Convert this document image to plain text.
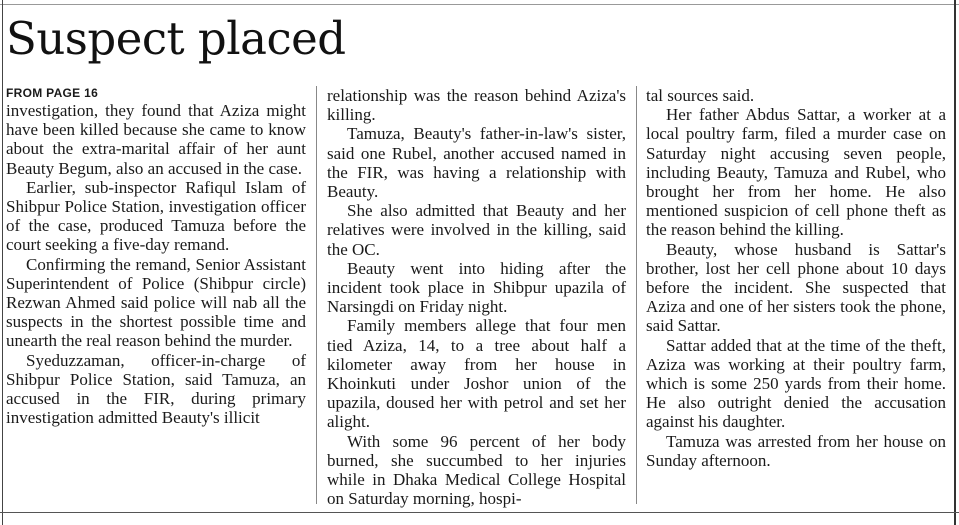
Suspect placed
FROM PAGE 16

investigation, they found that Aziza might have been killed because she came to know about the extra-marital affair of her aunt Beauty Begum, also an accused in the case.

Earlier, sub-inspector Rafiqul Islam of Shibpur Police Station, investigation officer of the case, produced Tamuza before the court seeking a five-day remand.

Confirming the remand, Senior Assistant Superintendent of Police (Shibpur circle) Rezwan Ahmed said police will nab all the suspects in the shortest possible time and unearth the real reason behind the murder.

Syeduzzaman, officer-in-charge of Shibpur Police Station, said Tamuza, an accused in the FIR, during primary investigation admitted Beauty's illicit

relationship was the reason behind Aziza's killing.

Tamuza, Beauty's father-in-law's sister, said one Rubel, another accused named in the FIR, was having a relationship with Beauty.

She also admitted that Beauty and her relatives were involved in the killing, said the OC.

Beauty went into hiding after the incident took place in Shibpur upazila of Narsingdi on Friday night.

Family members allege that four men tied Aziza, 14, to a tree about half a kilometer away from her house in Khoinkuti under Joshor union of the upazila, doused her with petrol and set her alight.

With some 96 percent of her body burned, she succumbed to her injuries while in Dhaka Medical College Hospital on Saturday morning, hospi-

tal sources said.

Her father Abdus Sattar, a worker at a local poultry farm, filed a murder case on Saturday night accusing seven people, including Beauty, Tamuza and Rubel, who brought her from her home. He also mentioned suspicion of cell phone theft as the reason behind the killing.

Beauty, whose husband is Sattar's brother, lost her cell phone about 10 days before the incident. She suspected that Aziza and one of her sisters took the phone, said Sattar.

Sattar added that at the time of the theft, Aziza was working at their poultry farm, which is some 250 yards from their home. He also outright denied the accusation against his daughter.

Tamuza was arrested from her house on Sunday afternoon.
